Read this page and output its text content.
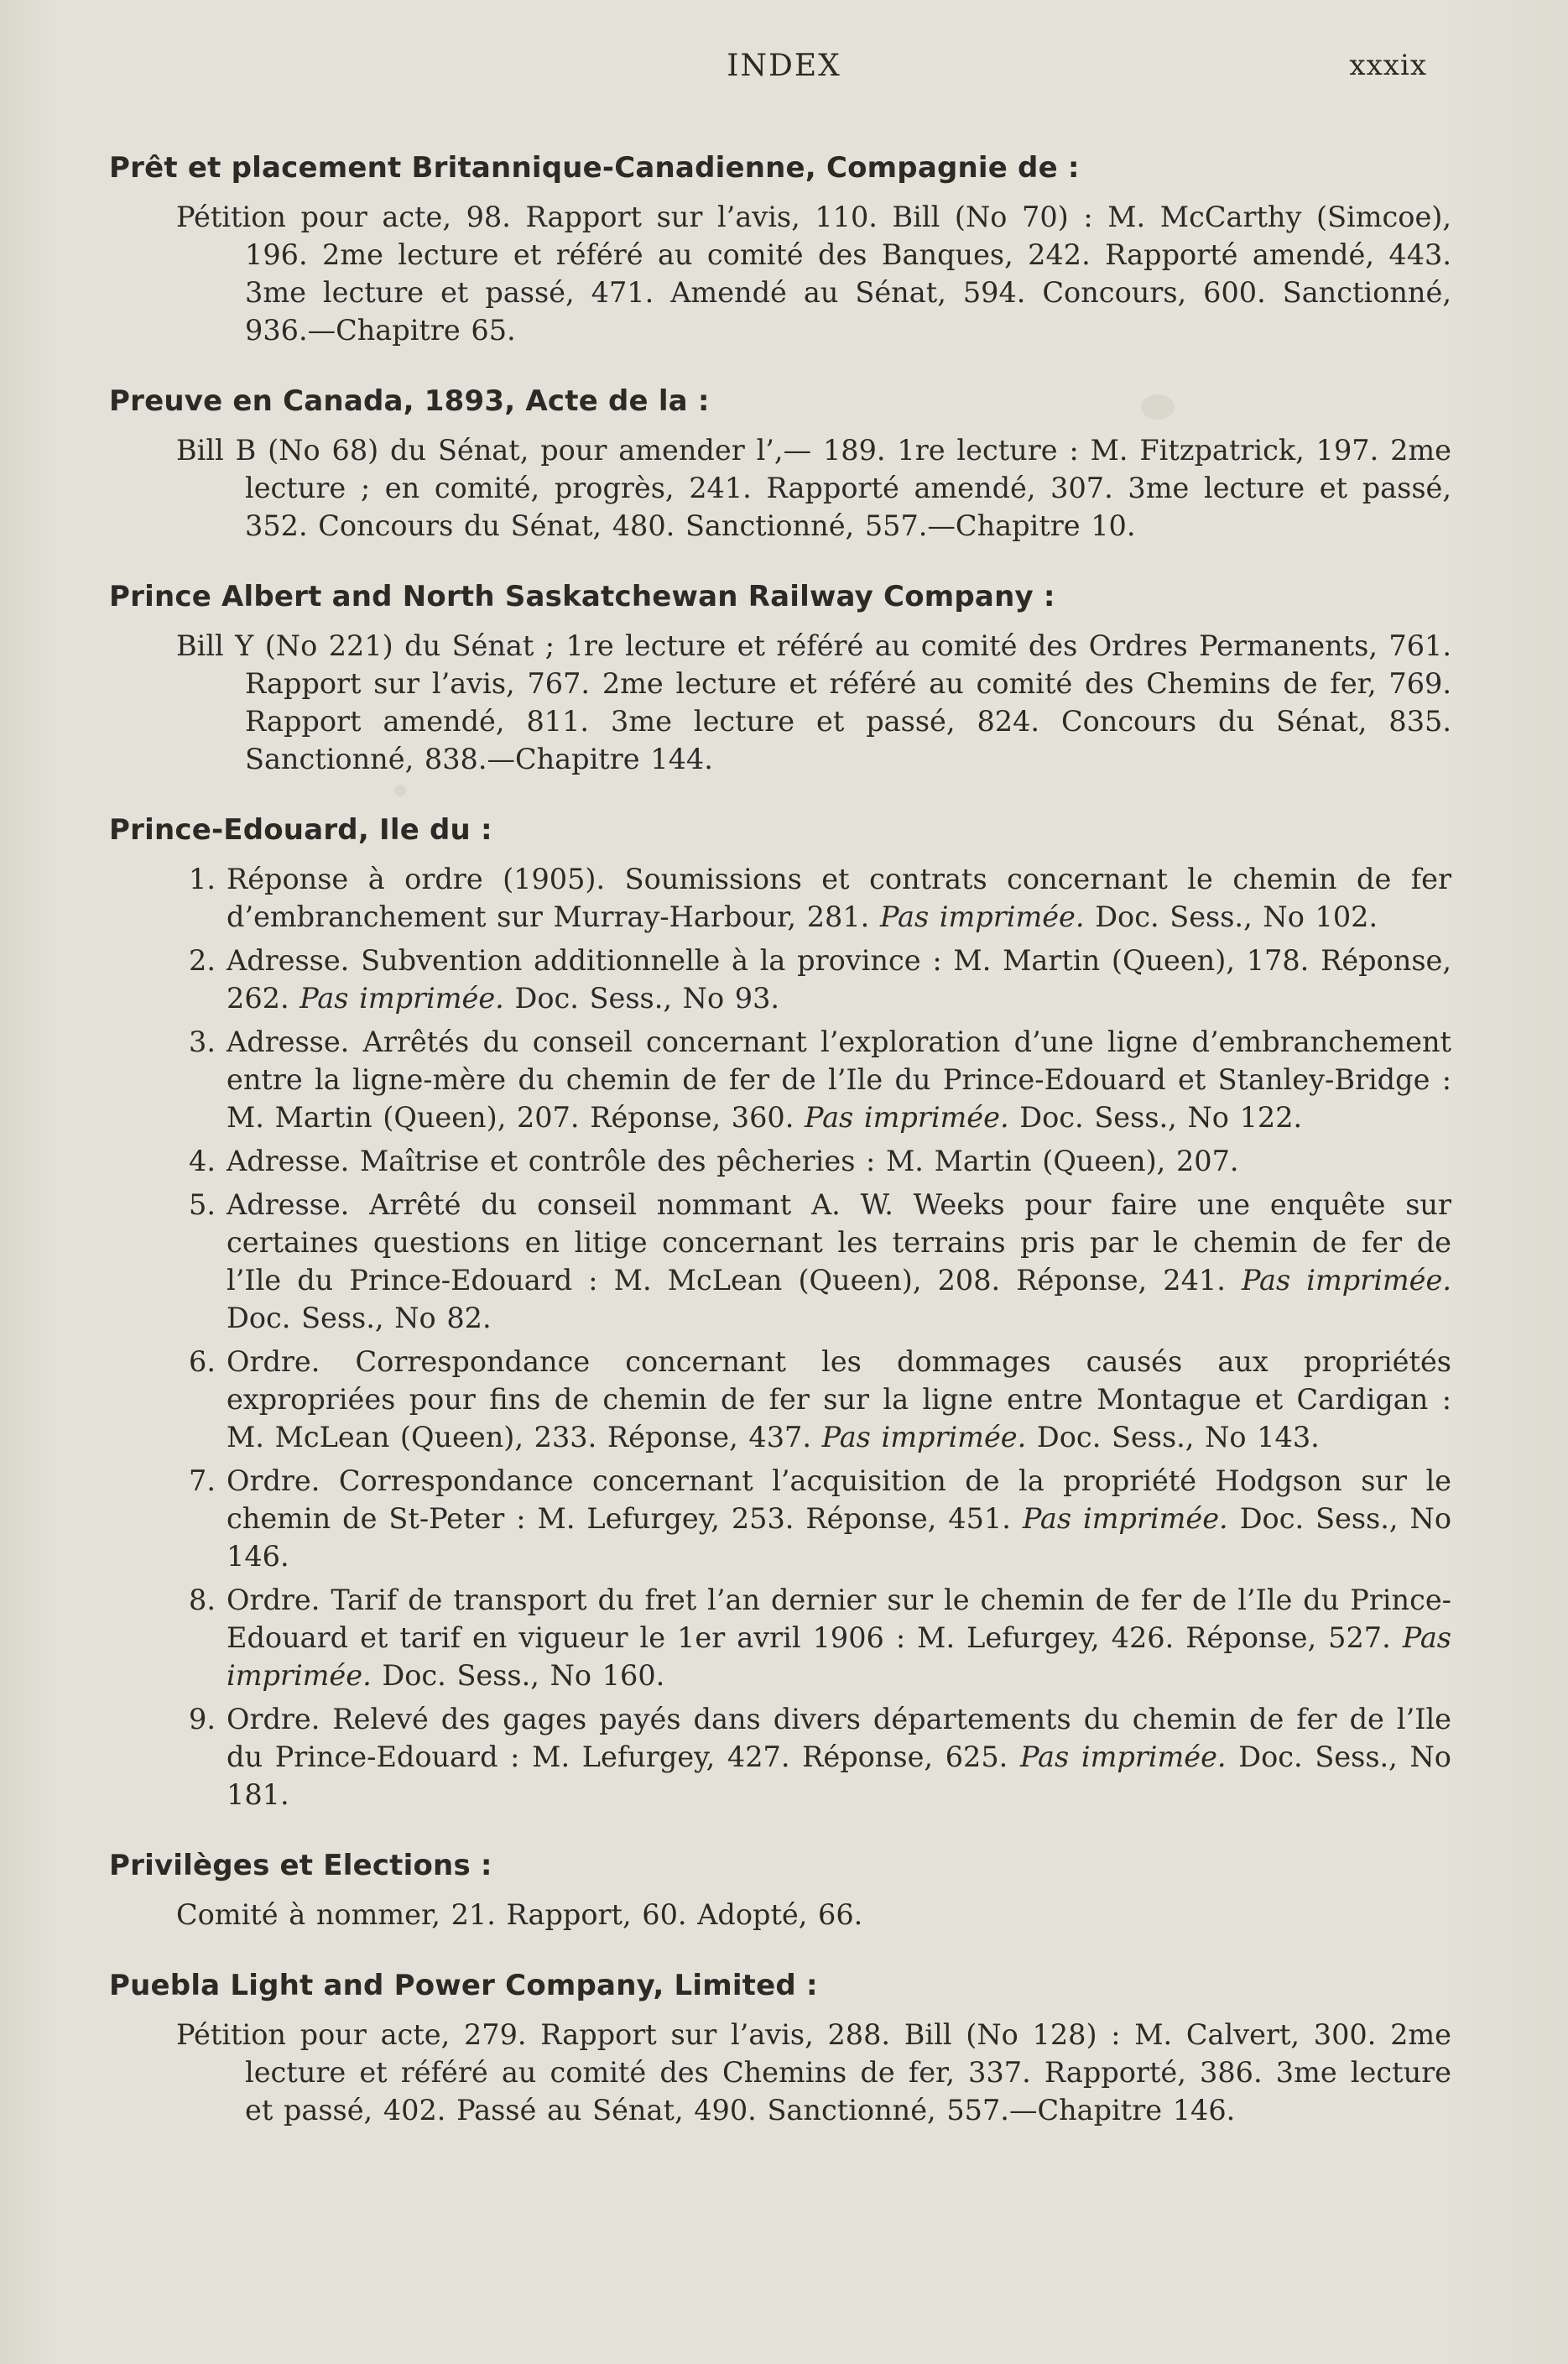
INDEX	xxxix
Prêt et placement Britannique-Canadienne, Compagnie de :

Pétition pour acte, 98. Rapport sur l’avis, 110. Bill (No 70) : M. McCarthy (Simcoe), 196. 2me lecture et référé au comité des Banques, 242. Rapporté amendé, 443. 3me lecture et passé, 471. Amendé au Sénat, 594. Concours, 600. Sanctionné, 936.—Chapitre 65.

Preuve en Canada, 1893, Acte de la :

Bill B (No 68) du Sénat, pour amender l’,— 189. 1re lecture : M. Fitzpatrick, 197. 2me lecture ; en comité, progrès, 241. Rapporté amendé, 307. 3me lecture et passé, 352. Concours du Sénat, 480. Sanctionné, 557.—Chapitre 10.

Prince Albert and North Saskatchewan Railway Company :

Bill Y (No 221) du Sénat ; 1re lecture et référé au comité des Ordres Permanents, 761. Rapport sur l’avis, 767. 2me lecture et référé au comité des Chemins de fer, 769. Rapport amendé, 811. 3me lecture et passé, 824. Concours du Sénat, 835. Sanctionné, 838.—Chapitre 144.

Prince-Edouard, Ile du :
1. Réponse à ordre (1905). Soumissions et contrats concernant le chemin de fer d’embranchement sur Murray-Harbour, 281. Pas imprimée. Doc. Sess., No 102.
2. Adresse. Subvention additionnelle à la province : M. Martin (Queen), 178. Réponse, 262. Pas imprimée. Doc. Sess., No 93.
3. Adresse. Arrêtés du conseil concernant l’exploration d’une ligne d’embranchement entre la ligne-mère du chemin de fer de l’Ile du Prince-Edouard et Stanley-Bridge : M. Martin (Queen), 207. Réponse, 360. Pas imprimée. Doc. Sess., No 122.
4. Adresse. Maîtrise et contrôle des pêcheries : M. Martin (Queen), 207.
5. Adresse. Arrêté du conseil nommant A. W. Weeks pour faire une enquête sur certaines questions en litige concernant les terrains pris par le chemin de fer de l’Ile du Prince-Edouard : M. McLean (Queen), 208. Réponse, 241. Pas imprimée. Doc. Sess., No 82.
6. Ordre. Correspondance concernant les dommages causés aux propriétés expropriées pour fins de chemin de fer sur la ligne entre Montague et Cardigan : M. McLean (Queen), 233. Réponse, 437. Pas imprimée. Doc. Sess., No 143.
7. Ordre. Correspondance concernant l’acquisition de la propriété Hodgson sur le chemin de St-Peter : M. Lefurgey, 253. Réponse, 451. Pas imprimée. Doc. Sess., No 146.
8. Ordre. Tarif de transport du fret l’an dernier sur le chemin de fer de l’Ile du Prince-Edouard et tarif en vigueur le 1er avril 1906 : M. Lefurgey, 426. Réponse, 527. Pas imprimée. Doc. Sess., No 160.
9. Ordre. Relevé des gages payés dans divers départements du chemin de fer de l’Ile du Prince-Edouard : M. Lefurgey, 427. Réponse, 625. Pas imprimée. Doc. Sess., No 181.
Privilèges et Elections :

Comité à nommer, 21. Rapport, 60. Adopté, 66.

Puebla Light and Power Company, Limited :

Pétition pour acte, 279. Rapport sur l’avis, 288. Bill (No 128) : M. Calvert, 300. 2me lecture et référé au comité des Chemins de fer, 337. Rapporté, 386. 3me lecture et passé, 402. Passé au Sénat, 490. Sanctionné, 557.—Chapitre 146.
